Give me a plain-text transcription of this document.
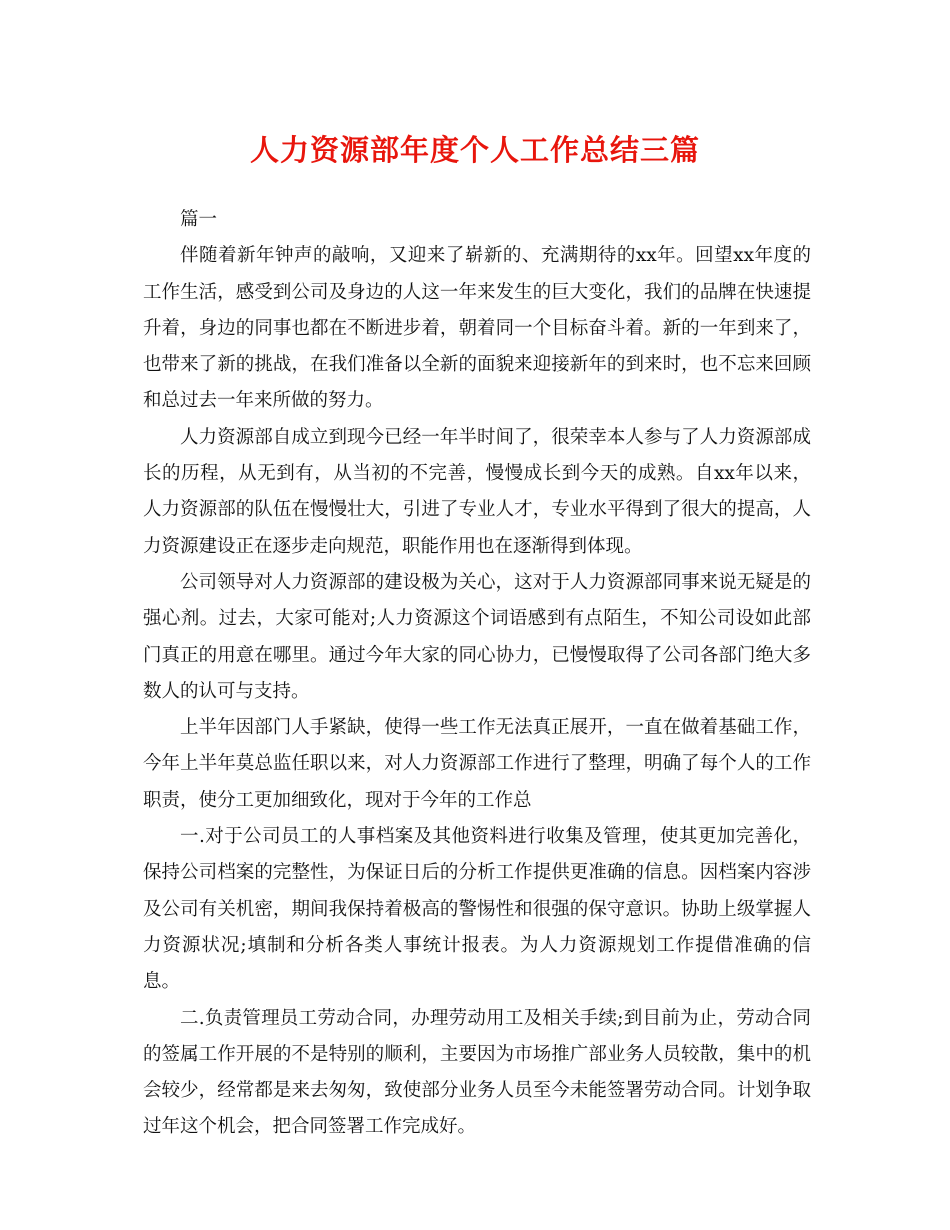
人力资源部年度个人工作总结三篇

篇一

伴随着新年钟声的敲响，又迎来了崭新的、充满期待的xx年。回望xx年度的工作生活，感受到公司及身边的人这一年来发生的巨大变化，我们的品牌在快速提升着，身边的同事也都在不断进步着，朝着同一个目标奋斗着。新的一年到来了，也带来了新的挑战，在我们准备以全新的面貌来迎接新年的到来时，也不忘来回顾和总过去一年来所做的努力。

人力资源部自成立到现今已经一年半时间了，很荣幸本人参与了人力资源部成长的历程，从无到有，从当初的不完善，慢慢成长到今天的成熟。自xx年以来，人力资源部的队伍在慢慢壮大，引进了专业人才，专业水平得到了很大的提高，人力资源建设正在逐步走向规范，职能作用也在逐渐得到体现。

公司领导对人力资源部的建设极为关心，这对于人力资源部同事来说无疑是的强心剂。过去，大家可能对;人力资源这个词语感到有点陌生，不知公司设如此部门真正的用意在哪里。通过今年大家的同心协力，已慢慢取得了公司各部门绝大多数人的认可与支持。

上半年因部门人手紧缺，使得一些工作无法真正展开，一直在做着基础工作，今年上半年莫总监任职以来，对人力资源部工作进行了整理，明确了每个人的工作职责，使分工更加细致化，现对于今年的工作总

一.对于公司员工的人事档案及其他资料进行收集及管理，使其更加完善化，保持公司档案的完整性，为保证日后的分析工作提供更准确的信息。因档案内容涉及公司有关机密，期间我保持着极高的警惕性和很强的保守意识。协助上级掌握人力资源状况;填制和分析各类人事统计报表。为人力资源规划工作提借准确的信息。

二.负责管理员工劳动合同，办理劳动用工及相关手续;到目前为止，劳动合同的签属工作开展的不是特别的顺利，主要因为市场推广部业务人员较散，集中的机会较少，经常都是来去匆匆，致使部分业务人员至今未能签署劳动合同。计划争取过年这个机会，把合同签署工作完成好。
